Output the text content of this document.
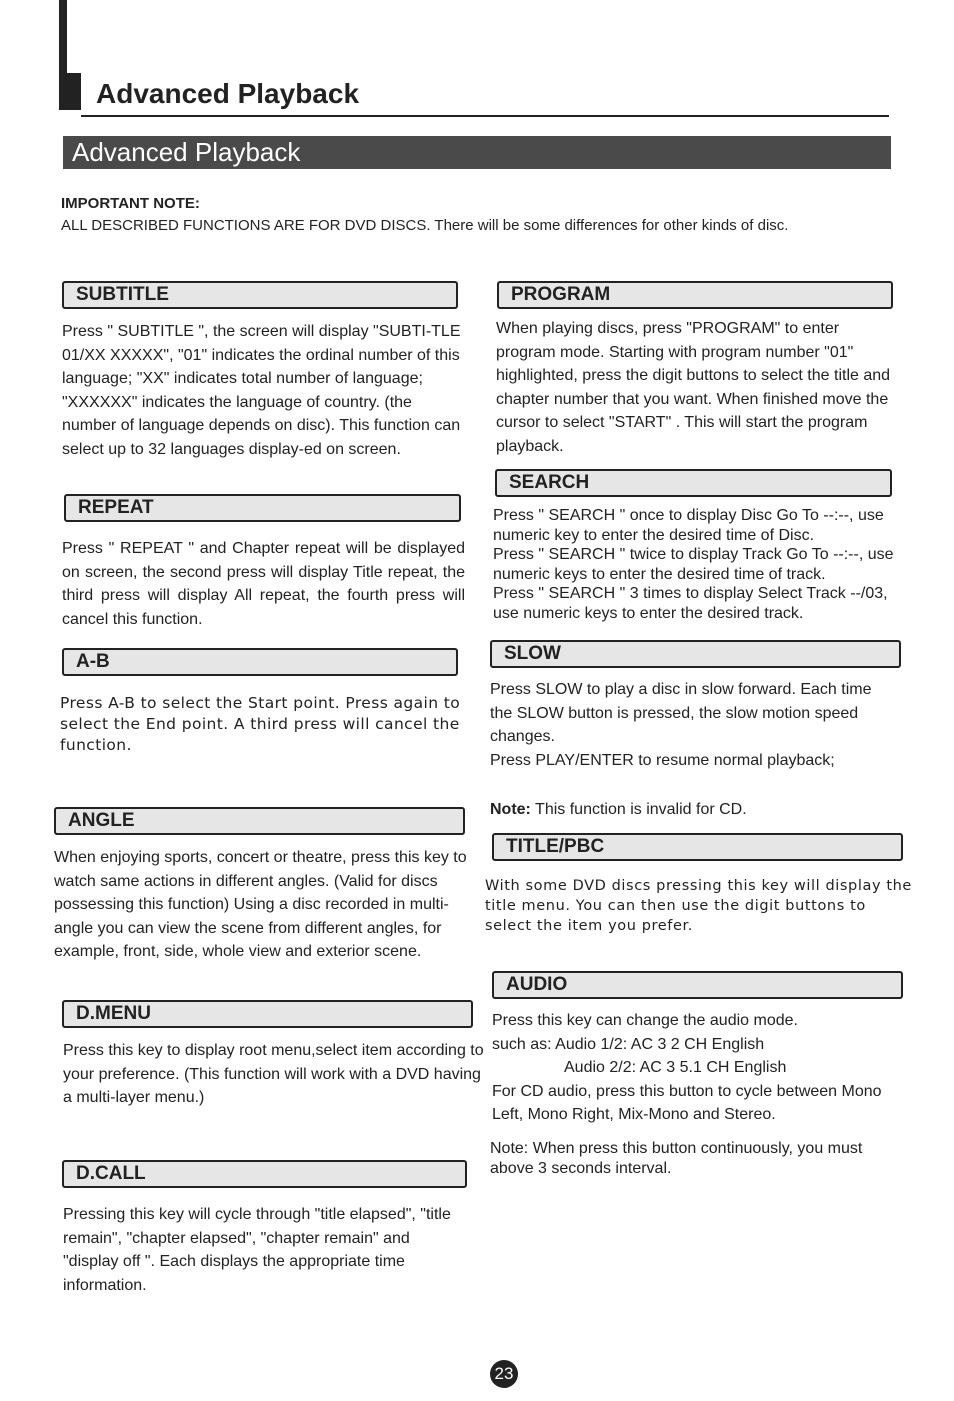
Advanced Playback
Advanced Playback
IMPORTANT NOTE:
ALL DESCRIBED FUNCTIONS ARE FOR DVD DISCS. There will be some differences for other kinds of disc.
SUBTITLE
Press " SUBTITLE ", the screen will display "SUBTI-TLE 01/XX XXXXX", "01" indicates the ordinal number of this language; "XX" indicates total number of language; "XXXXXX" indicates the language of country. (the number of language depends on disc). This function can select up to 32 languages display-ed on screen.
REPEAT
Press " REPEAT " and Chapter repeat will be displayed on screen, the second press will display Title repeat, the third press will display All repeat, the fourth press will cancel this function.
A-B
Press A-B to select the Start point. Press again to select the End point. A third press will cancel the function.
ANGLE
When enjoying sports, concert or theatre, press this key to watch same actions in different angles. (Valid for discs possessing this function) Using a disc recorded in multi-angle you can view the scene from different angles, for example, front, side, whole view and exterior scene.
D.MENU
Press this key to display root menu,select item according to your preference. (This function will work with a DVD having a multi-layer menu.)
D.CALL
Pressing this key will cycle through "title elapsed", "title remain", "chapter elapsed", "chapter remain" and "display off ". Each displays the appropriate time information.
PROGRAM
When playing discs, press "PROGRAM" to enter program mode. Starting with program number "01" highlighted, press the digit buttons to select the title and chapter number that you want. When finished move the cursor to select "START" . This will start the program playback.
SEARCH

Press " SEARCH " once to display Disc Go To --:--, use numeric key to enter the desired time of Disc.

Press " SEARCH " twice to display Track Go To --:--, use numeric keys to enter the desired time of track.

Press " SEARCH " 3 times to display Select Track --/03, use numeric keys to enter the desired track.

SLOW

Press SLOW to play a disc in slow forward. Each time the SLOW button is pressed, the slow motion speed changes.

Press PLAY/ENTER to resume normal playback;

Note: This function is invalid for CD.
TITLE/PBC
With some DVD discs pressing this key will display the title menu. You can then use the digit buttons to select the item you prefer.
AUDIO

Press this key can change the audio mode.

such as: Audio 1/2: AC 3 2 CH English

Audio 2/2: AC 3 5.1 CH English

For CD audio, press this button to cycle between Mono Left, Mono Right, Mix-Mono and Stereo.

Note: When press this button continuously, you must above 3 seconds interval.
23
